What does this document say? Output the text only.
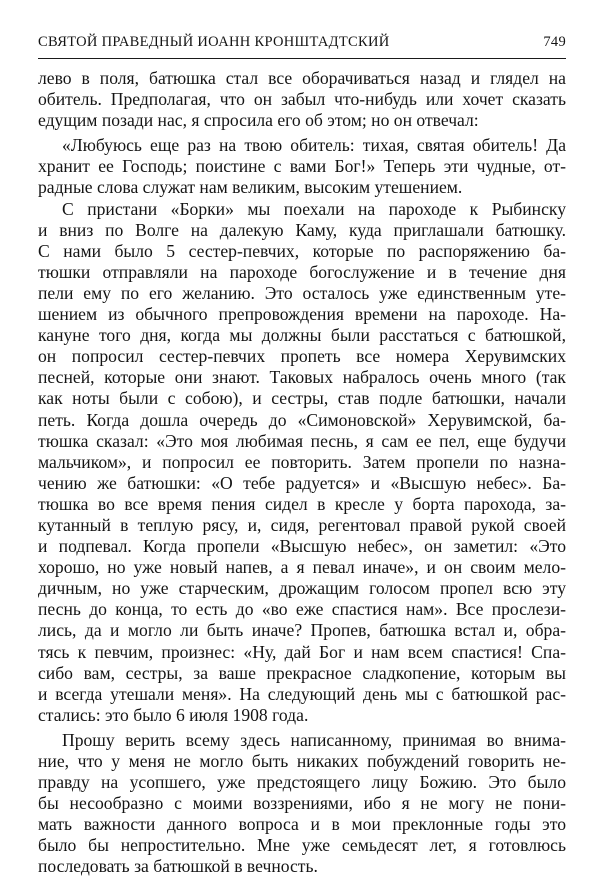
СВЯТОЙ ПРАВЕДНЫЙ ИОАНН КРОНШТАДТСКИЙ	749
лево в поля, батюшка стал все оборачиваться назад и глядел на
обитель. Предполагая, что он забыл что-нибудь или хочет сказать
едущим позади нас, я спросила его об этом; но он отвечал:
«Любуюсь еще раз на твою обитель: тихая, святая обитель! Да
хранит ее Господь; поистине с вами Бог!» Теперь эти чудные, от-
радные слова служат нам великим, высоким утешением.
С пристани «Борки» мы поехали на пароходе к Рыбинску
и вниз по Волге на далекую Каму, куда приглашали батюшку.
С нами было 5 сестер-певчих, которые по распоряжению ба-
тюшки отправляли на пароходе богослужение и в течение дня
пели ему по его желанию. Это осталось уже единственным уте-
шением из обычного препровождения времени на пароходе. На-
кануне того дня, когда мы должны были расстаться с батюшкой,
он попросил сестер-певчих пропеть все номера Херувимских
песней, которые они знают. Таковых набралось очень много (так
как ноты были с собою), и сестры, став подле батюшки, начали
петь. Когда дошла очередь до «Симоновской» Херувимской, ба-
тюшка сказал: «Это моя любимая песнь, я сам ее пел, еще будучи
мальчиком», и попросил ее повторить. Затем пропели по назна-
чению же батюшки: «О тебе радуется» и «Высшую небес». Ба-
тюшка во все время пения сидел в кресле у борта парохода, за-
кутанный в теплую рясу, и, сидя, регентовал правой рукой своей
и подпевал. Когда пропели «Высшую небес», он заметил: «Это
хорошо, но уже новый напев, а я певал иначе», и он своим мело-
дичным, но уже старческим, дрожащим голосом пропел всю эту
песнь до конца, то есть до «во еже спастися нам». Все прослези-
лись, да и могло ли быть иначе? Пропев, батюшка встал и, обра-
тясь к певчим, произнес: «Ну, дай Бог и нам всем спастися! Спа-
сибо вам, сестры, за ваше прекрасное сладкопение, которым вы
и всегда утешали меня». На следующий день мы с батюшкой рас-
стались: это было 6 июля 1908 года.
Прошу верить всему здесь написанному, принимая во внима-
ние, что у меня не могло быть никаких побуждений говорить не-
правду на усопшего, уже предстоящего лицу Божию. Это было
бы несообразно с моими воззрениями, ибо я не могу не пони-
мать важности данного вопроса и в мои преклонные годы это
было бы непростительно. Мне уже семьдесят лет, я готовлюсь
последовать за батюшкой в вечность.
